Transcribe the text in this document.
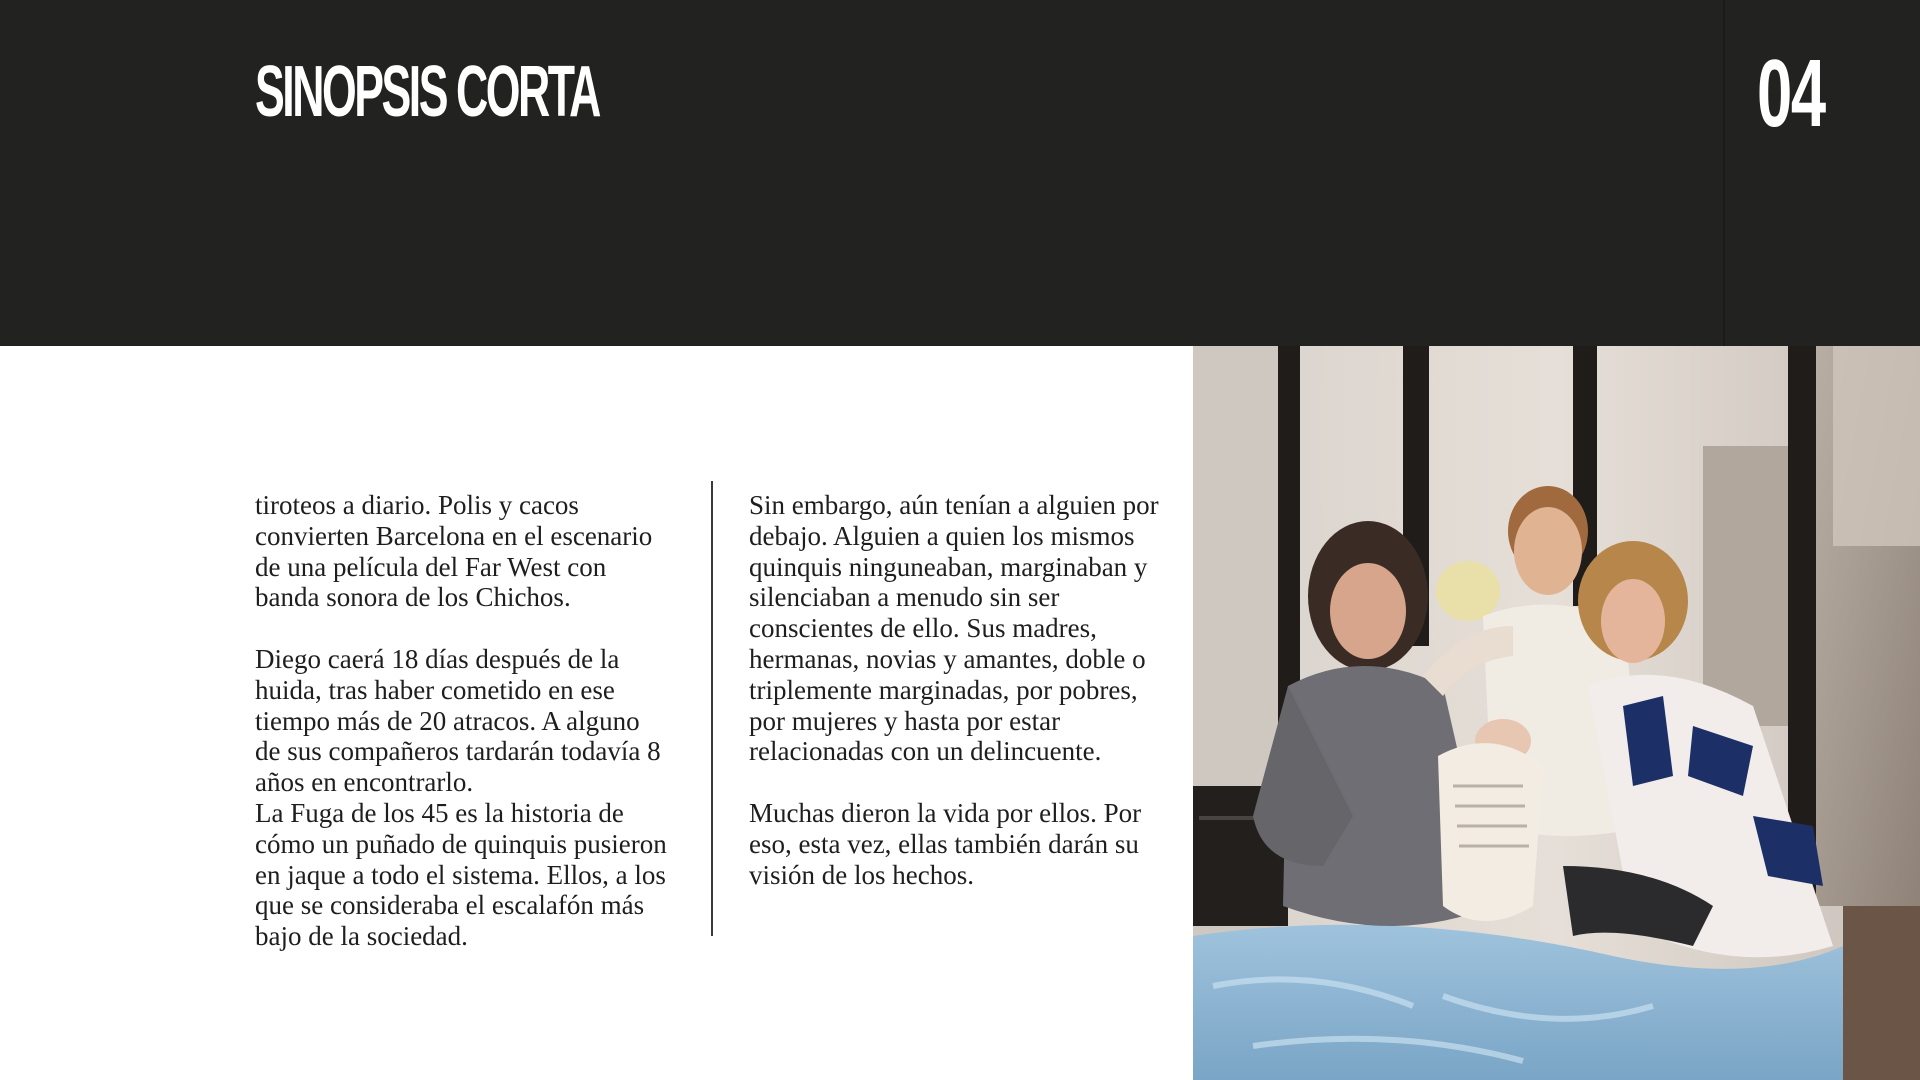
SINOPSIS CORTA	04

tiroteos a diario. Polis y cacos
convierten Barcelona en el escenario
de una película del Far West con
banda sonora de los Chichos.

Diego caerá 18 días después de la
huida, tras haber cometido en ese
tiempo más de 20 atracos. A alguno
de sus compañeros tardarán todavía 8
años en encontrarlo.

La Fuga de los 45 es la historia de
cómo un puñado de quinquis pusieron
en jaque a todo el sistema. Ellos, a los
que se consideraba el escalafón más
bajo de la sociedad.

Sin embargo, aún tenían a alguien por
debajo. Alguien a quien los mismos
quinquis ninguneaban, marginaban y
silenciaban a menudo sin ser
conscientes de ello. Sus madres,
hermanas, novias y amantes, doble o
triplemente marginadas, por pobres,
por mujeres y hasta por estar
relacionadas con un delincuente.

Muchas dieron la vida por ellos. Por
eso, esta vez, ellas también darán su
visión de los hechos.
